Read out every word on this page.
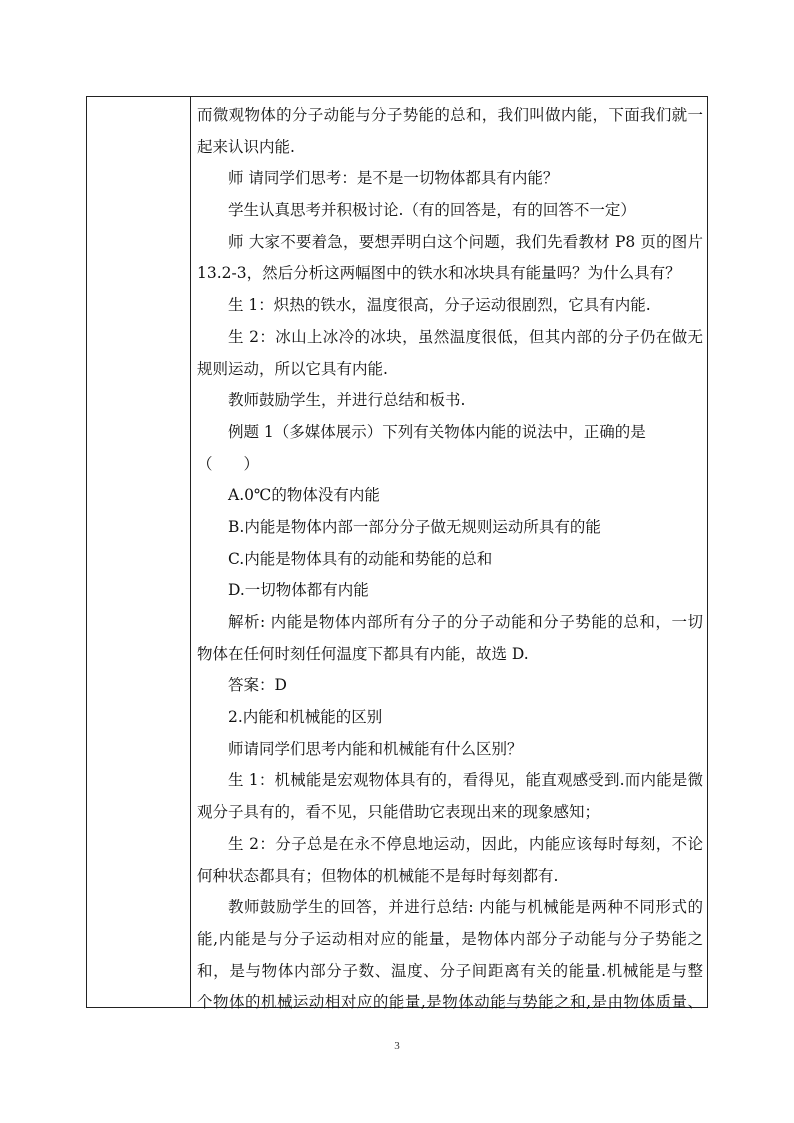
而微观物体的分子动能与分子势能的总和，我们叫做内能，下面我们就一
起来认识内能.
师 请同学们思考：是不是一切物体都具有内能？
学生认真思考并积极讨论.（有的回答是，有的回答不一定）
师 大家不要着急，要想弄明白这个问题，我们先看教材 P8 页的图片
13.2-3，然后分析这两幅图中的铁水和冰块具有能量吗？为什么具有？
生 1：炽热的铁水，温度很高，分子运动很剧烈，它具有内能.
生 2：冰山上冰冷的冰块，虽然温度很低，但其内部的分子仍在做无
规则运动，所以它具有内能.
教师鼓励学生，并进行总结和板书.
例题 1（多媒体展示）下列有关物体内能的说法中，正确的是
（　　）
A.0℃的物体没有内能
B.内能是物体内部一部分分子做无规则运动所具有的能
C.内能是物体具有的动能和势能的总和
D.一切物体都有内能
解析: 内能是物体内部所有分子的分子动能和分子势能的总和，一切
物体在任何时刻任何温度下都具有内能，故选 D.
答案：D
2.内能和机械能的区别
师请同学们思考内能和机械能有什么区别？
生 1：机械能是宏观物体具有的，看得见，能直观感受到.而内能是微
观分子具有的，看不见，只能借助它表现出来的现象感知；
生 2：分子总是在永不停息地运动，因此，内能应该每时每刻，不论
何种状态都具有；但物体的机械能不是每时每刻都有.
教师鼓励学生的回答，并进行总结: 内能与机械能是两种不同形式的
能,内能是与分子运动相对应的能量，是物体内部分子动能与分子势能之
和，是与物体内部分子数、温度、分子间距离有关的能量.机械能是与整
个物体的机械运动相对应的能量,是物体动能与势能之和,是由物体质量、
3
